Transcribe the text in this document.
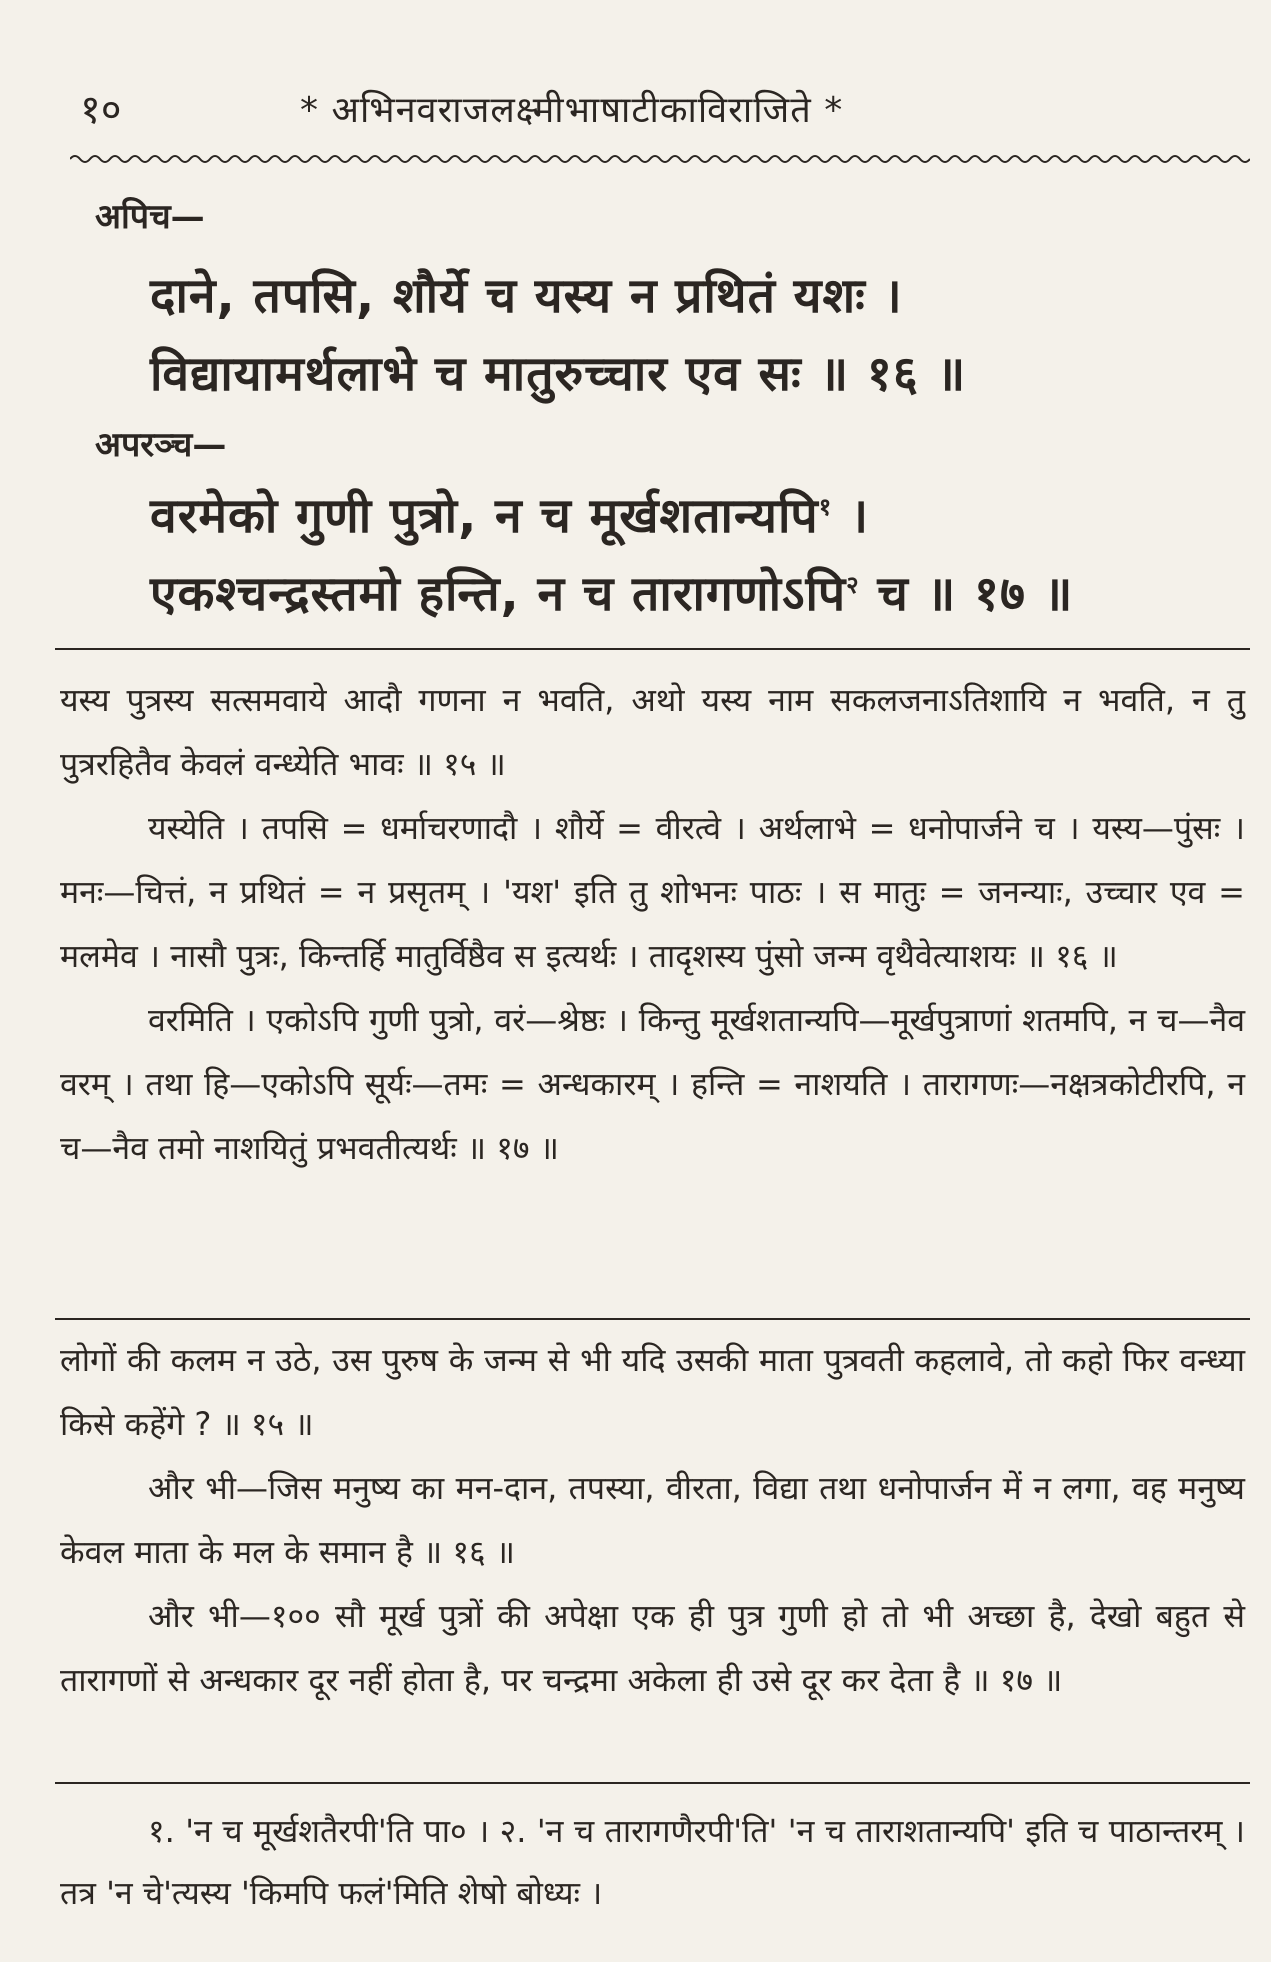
१०	* अभिनवराजलक्ष्मीभाषाटीकाविराजिते *
अपिच—
दाने, तपसि, शौर्ये च यस्य न प्रथितं यशः ।
विद्यायामर्थलाभे च मातुरुच्चार एव सः ॥ १६ ॥
अपरञ्च—
वरमेको गुणी पुत्रो, न च मूर्खशतान्यपि$^१$ ।
एकश्चन्द्रस्तमो हन्ति, न च तारागणोऽपि$^२$ च ॥ १७ ॥

यस्य पुत्रस्य सत्समवाये आदौ गणना न भवति, अथो यस्य नाम सकलजनाऽतिशायि न भवति, न तु पुत्ररहितैव केवलं वन्ध्येति भावः ॥ १५ ॥

यस्येति । तपसि = धर्माचरणादौ । शौर्ये = वीरत्वे । अर्थलाभे = धनोपार्जने च । यस्य—पुंसः । मनः—चित्तं, न प्रथितं = न प्रसृतम् । 'यश' इति तु शोभनः पाठः । स मातुः = जनन्याः, उच्चार एव = मलमेव । नासौ पुत्रः, किन्तर्हि मातुर्विष्ठैव स इत्यर्थः । तादृशस्य पुंसो जन्म वृथैवेत्याशयः ॥ १६ ॥

वरमिति । एकोऽपि गुणी पुत्रो, वरं—श्रेष्ठः । किन्तु मूर्खशतान्यपि—मूर्खपुत्राणां शतमपि, न च—नैव वरम् । तथा हि—एकोऽपि सूर्यः—तमः = अन्धकारम् । हन्ति = नाशयति । तारागणः—नक्षत्रकोटीरपि, न च—नैव तमो नाशयितुं प्रभवतीत्यर्थः ॥ १७ ॥

लोगों की कलम न उठे, उस पुरुष के जन्म से भी यदि उसकी माता पुत्रवती कहलावे, तो कहो फिर वन्ध्या किसे कहेंगे ? ॥ १५ ॥

और भी—जिस मनुष्य का मन-दान, तपस्या, वीरता, विद्या तथा धनोपार्जन में न लगा, वह मनुष्य केवल माता के मल के समान है ॥ १६ ॥

और भी—१०० सौ मूर्ख पुत्रों की अपेक्षा एक ही पुत्र गुणी हो तो भी अच्छा है, देखो बहुत से तारागणों से अन्धकार दूर नहीं होता है, पर चन्द्रमा अकेला ही उसे दूर कर देता है ॥ १७ ॥

१. 'न च मूर्खशतैरपी'ति पा० । २. 'न च तारागणैरपी'ति' 'न च ताराशतान्यपि' इति च पाठान्तरम् । तत्र 'न चे'त्यस्य 'किमपि फलं'मिति शेषो बोध्यः ।
